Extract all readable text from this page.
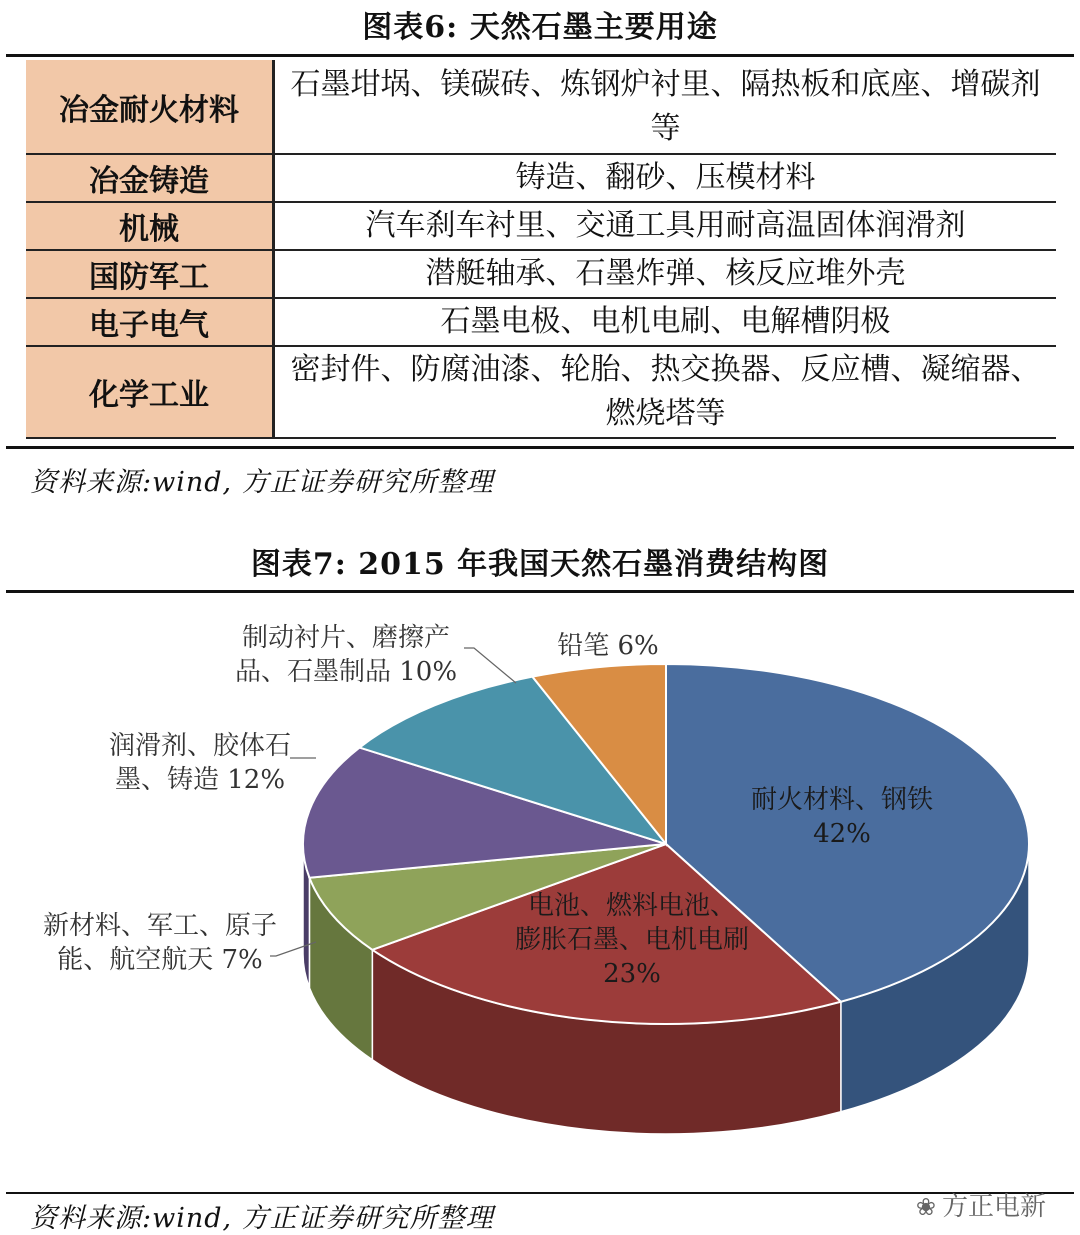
图表6: 天然石墨主要用途
冶金耐火材料	石墨坩埚、镁碳砖、炼钢炉衬里、隔热板和底座、增碳剂等
冶金铸造	铸造、翻砂、压模材料
机械	汽车刹车衬里、交通工具用耐高温固体润滑剂
国防军工	潜艇轴承、石墨炸弹、核反应堆外壳
电子电气	石墨电极、电机电刷、电解槽阴极
化学工业	密封件、防腐油漆、轮胎、热交换器、反应槽、凝缩器、燃烧塔等
资料来源:wind, 方正证券研究所整理
图表7: 2015 年我国天然石墨消费结构图
耐火材料、钢铁 42%
电池、燃料电池、膨胀石墨、电机电刷 23%
新材料、军工、原子能、航空航天 7%
润滑剂、胶体石墨、铸造 12%
制动衬片、磨擦产品、石墨制品 10%
铅笔 6%
资料来源:wind, 方正证券研究所整理	❀ 方正电新
